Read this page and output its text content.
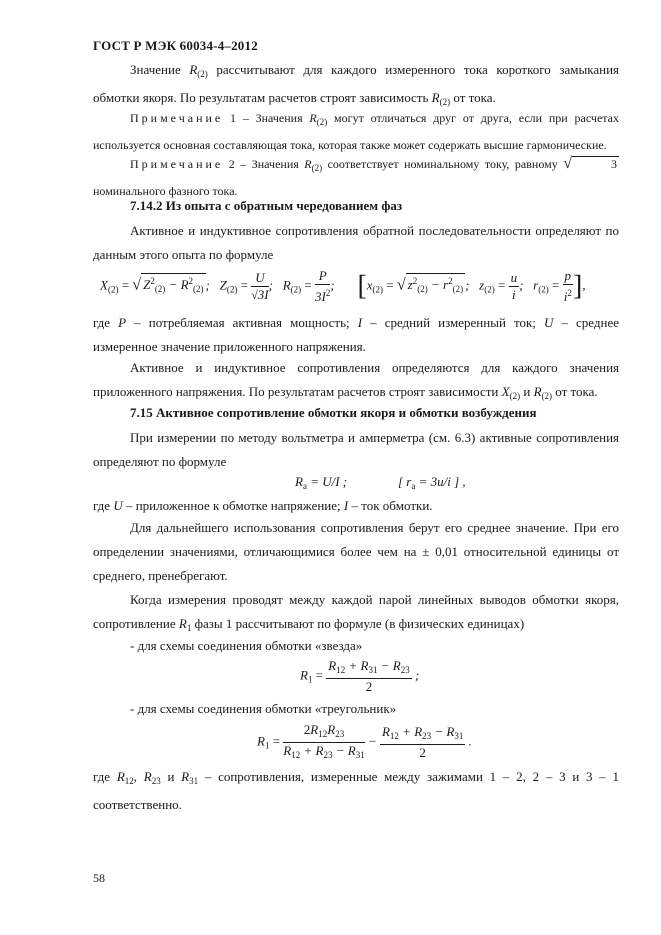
ГОСТ Р МЭК 60034-4–2012

Значение $R_{(2)}$ рассчитывают для каждого измеренного тока короткого замыкания обмотки якоря. По результатам расчетов строят зависимость $R_{(2)}$ от тока.

Примечание 1 – Значения $R_{(2)}$ могут отличаться друг от друга, если при расчетах используется основная составляющая тока, которая также может содержать высшие гармонические.

Примечание 2 – Значения $R_{(2)}$ соответствует номинальному току, равному √	3 номинального фазного тока.

7.14.2 Из опыта с обратным чередованием фаз

Активное и индуктивное сопротивления обратной последовательности определяют по данным этого опыта по формуле

$X_{(2)}$ = √ $Z^2_{(2)} - R^2_{(2)}$ ;   $Z_{(2)} = \frac{U}{√3I}$ ;   $R_{(2)} = \frac{P}{3I^2}$ ;       [$x_{(2)}$ = √ $z^2_{(2)} - r^2_{(2)}$ ;   $z_{(2)} = \frac{u}{i}$ ;   $r_{(2)} = \frac{p}{i^2}$ ],

где P – потребляемая активная мощность; I – средний измеренный ток; U – среднее измеренное значение приложенного напряжения.

Активное и индуктивное сопротивления определяются для каждого значения приложенного напряжения. По результатам расчетов строят зависимости $X_{(2)}$ и $R_{(2)}$ от тока.

7.15 Активное сопротивление обмотки якоря и обмотки возбуждения

При измерении по методу вольтметра и амперметра (см. 6.3) активные сопротивления определяют по формуле

$R_a = U/I$ ;	[ $r_a = 3u/i$ ] ,

где U – приложенное к обмотке напряжение; I – ток обмотки.

Для дальнейшего использования сопротивления берут его среднее значение. При его определении значениями, отличающимися более чем на ± 0,01 относительной единицы от среднего, пренебрегают.

Когда измерения проводят между каждой парой линейных выводов обмотки якоря, сопротивление $R_1$ фазы 1 рассчитывают по формуле (в физических единицах)

- для схемы соединения обмотки «звезда»

$R_1 = \frac{R_{12} + R_{31} - R_{23}}{2}$ ;

- для схемы соединения обмотки «треугольник»

$R_1 = \frac{2R_{12}R_{23}}{R_{12} + R_{23} - R_{31}} - \frac{R_{12} + R_{23} - R_{31}}{2}$ .

где $R_{12}$, $R_{23}$ и $R_{31}$ – сопротивления, измеренные между зажимами 1 – 2, 2 – 3 и 3 – 1 соответственно.

58
